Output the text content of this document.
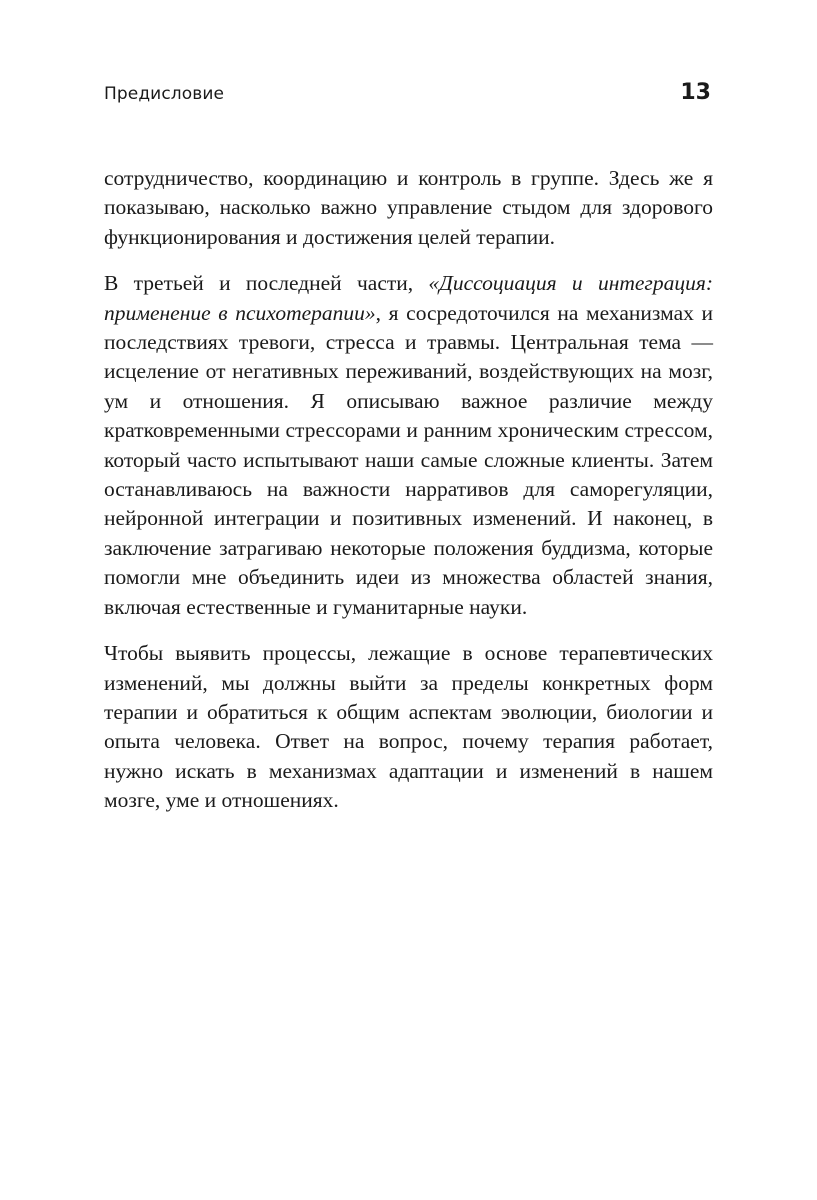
Предисловие	13

сотрудничество, координацию и контроль в группе. Здесь же я показываю, насколько важно управление стыдом для здорового функционирования и достижения целей терапии.

В третьей и последней части, «Диссоциация и интеграция: применение в психотерапии», я сосредоточился на механизмах и последствиях тревоги, стресса и травмы. Центральная тема — исцеление от негативных переживаний, воздействующих на мозг, ум и отношения. Я описываю важное различие между кратковременными стрессорами и ранним хроническим стрессом, который часто испытывают наши самые сложные клиенты. Затем останавливаюсь на важности нарративов для саморегуляции, нейронной интеграции и позитивных изменений. И наконец, в заключение затрагиваю некоторые положения буддизма, которые помогли мне объединить идеи из множества областей знания, включая естественные и гуманитарные науки.

Чтобы выявить процессы, лежащие в основе терапевтических изменений, мы должны выйти за пределы конкретных форм терапии и обратиться к общим аспектам эволюции, биологии и опыта человека. Ответ на вопрос, почему терапия работает, нужно искать в механизмах адаптации и изменений в нашем мозге, уме и отношениях.
